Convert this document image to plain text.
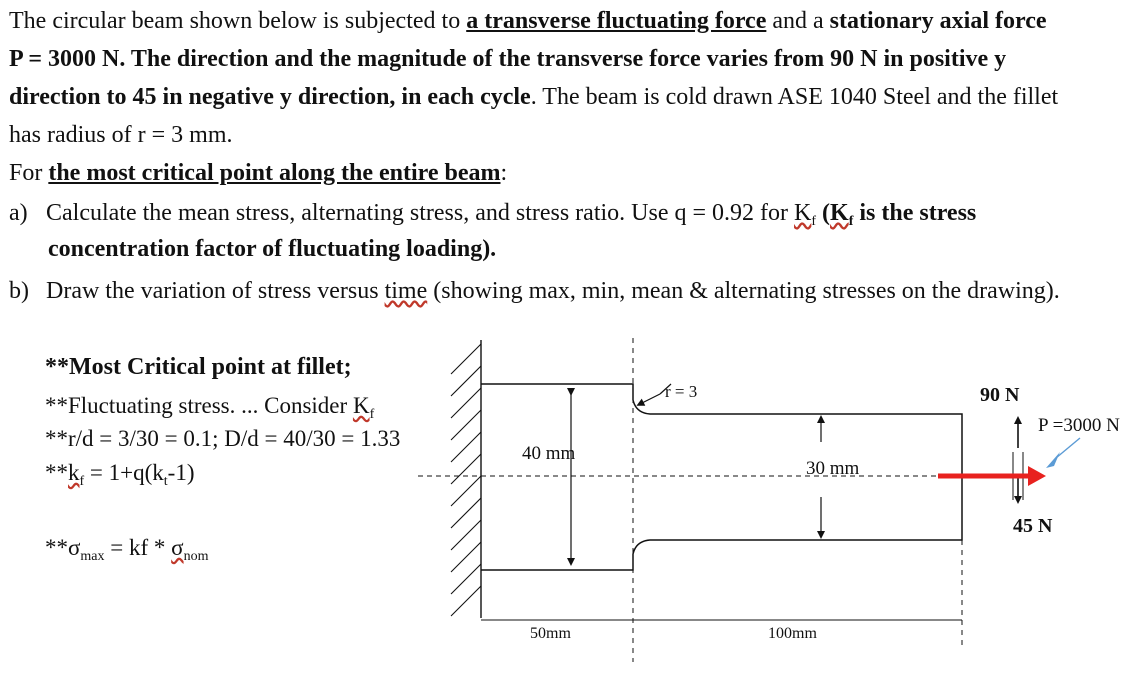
The circular beam shown below is subjected to a transverse fluctuating force and a stationary axial force
P = 3000 N. The direction and the magnitude of the transverse force varies from 90 N in positive y
direction to 45 in negative y direction, in each cycle. The beam is cold drawn ASE 1040 Steel and the fillet
has radius of r = 3 mm.
For the most critical point along the entire beam:
a) Calculate the mean stress, alternating stress, and stress ratio. Use q = 0.92 for $K_f$ ($K_f$ is the stress
concentration factor of fluctuating loading).
b) Draw the variation of stress versus time (showing max, min, mean & alternating stresses on the drawing).
**Most Critical point at fillet;
**Fluctuating stress. ... Consider $K_f$
**r/d = 3/30 = 0.1; D/d = 40/30 = 1.33
$**k_f = 1+q(k_t-1)$
$**\sigma_{max}$ = kf * $\sigma_{nom}$
40 mm
30 mm
r = 3	90 N
45 N
P =3000 N
50mm	100mm
